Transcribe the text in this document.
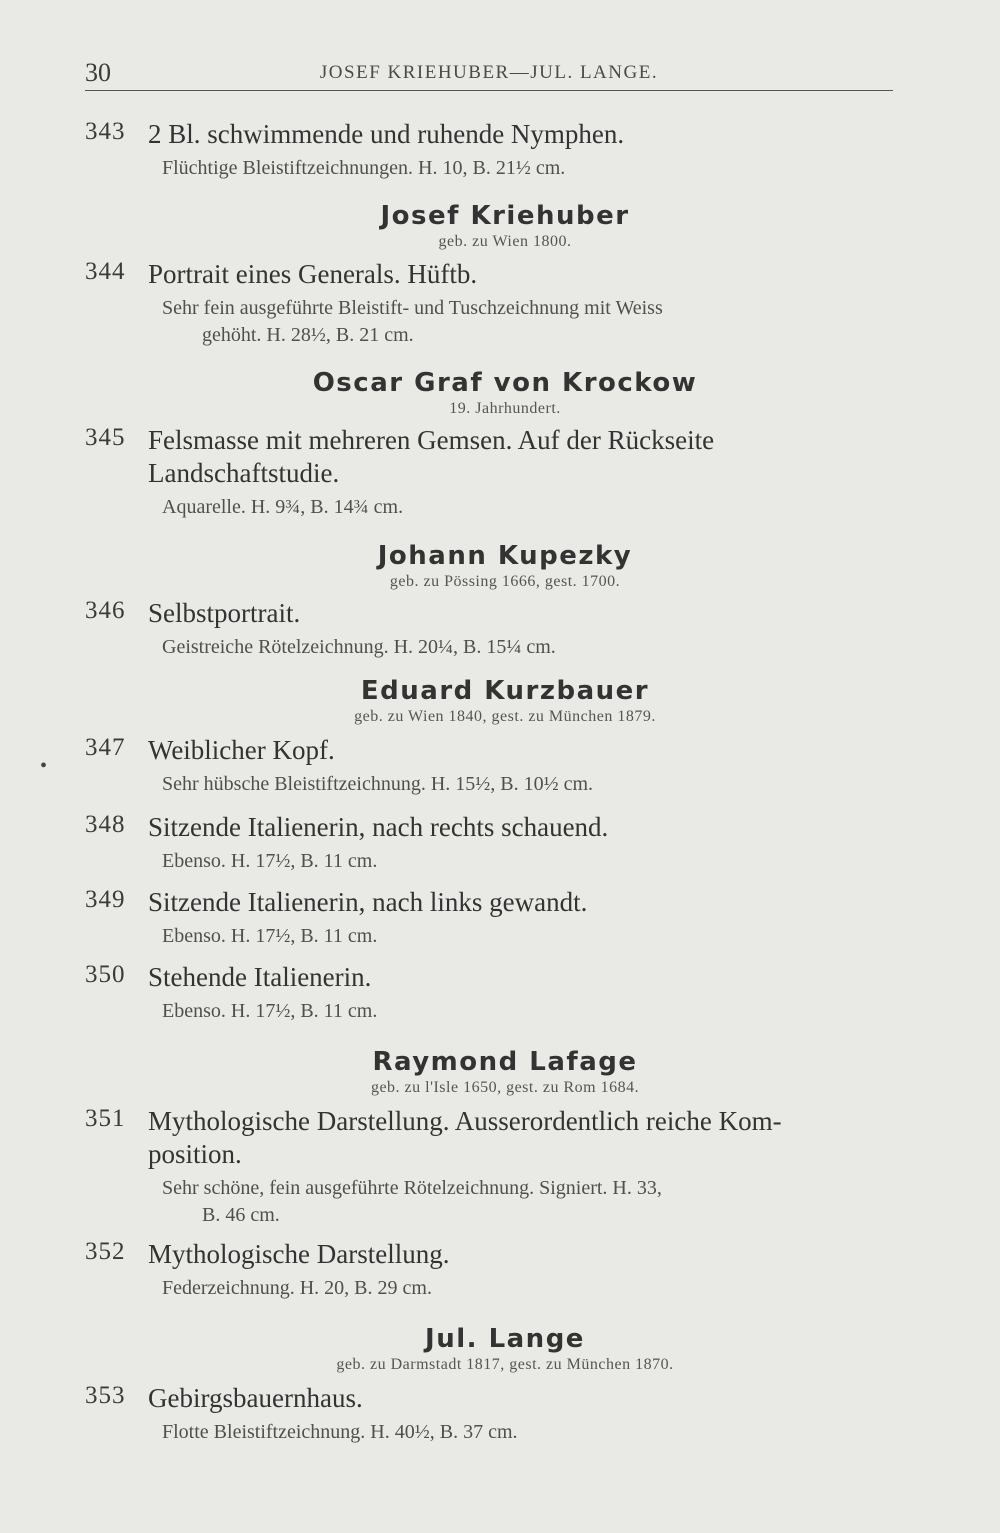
30	JOSEF KRIEHUBER—JUL. LANGE.
•
343 2 Bl. schwimmende und ruhende Nymphen.
Flüchtige Bleistiftzeichnungen. H. 10, B. 21½ cm.
Josef Kriehuber
geb. zu Wien 1800.
344 Portrait eines Generals. Hüftb.
Sehr fein ausgeführte Bleistift- und Tuschzeichnung mit Weiss
gehöht. H. 28½, B. 21 cm.
Oscar Graf von Krockow
19. Jahrhundert.
345 Felsmasse mit mehreren Gemsen. Auf der Rückseite
Landschaftstudie.
Aquarelle. H. 9¾, B. 14¾ cm.
Johann Kupezky
geb. zu Pössing 1666, gest. 1700.
346 Selbstportrait.
Geistreiche Rötelzeichnung. H. 20¼, B. 15¼ cm.
Eduard Kurzbauer
geb. zu Wien 1840, gest. zu München 1879.
347 Weiblicher Kopf.
Sehr hübsche Bleistiftzeichnung. H. 15½, B. 10½ cm.
348 Sitzende Italienerin, nach rechts schauend.
Ebenso. H. 17½, B. 11 cm.
349 Sitzende Italienerin, nach links gewandt.
Ebenso. H. 17½, B. 11 cm.
350 Stehende Italienerin.
Ebenso. H. 17½, B. 11 cm.
Raymond Lafage
geb. zu l'Isle 1650, gest. zu Rom 1684.
351 Mythologische Darstellung. Ausserordentlich reiche Kom-
position.
Sehr schöne, fein ausgeführte Rötelzeichnung. Signiert. H. 33,
B. 46 cm.
352 Mythologische Darstellung.
Federzeichnung. H. 20, B. 29 cm.
Jul. Lange
geb. zu Darmstadt 1817, gest. zu München 1870.
353 Gebirgsbauernhaus.
Flotte Bleistiftzeichnung. H. 40½, B. 37 cm.
